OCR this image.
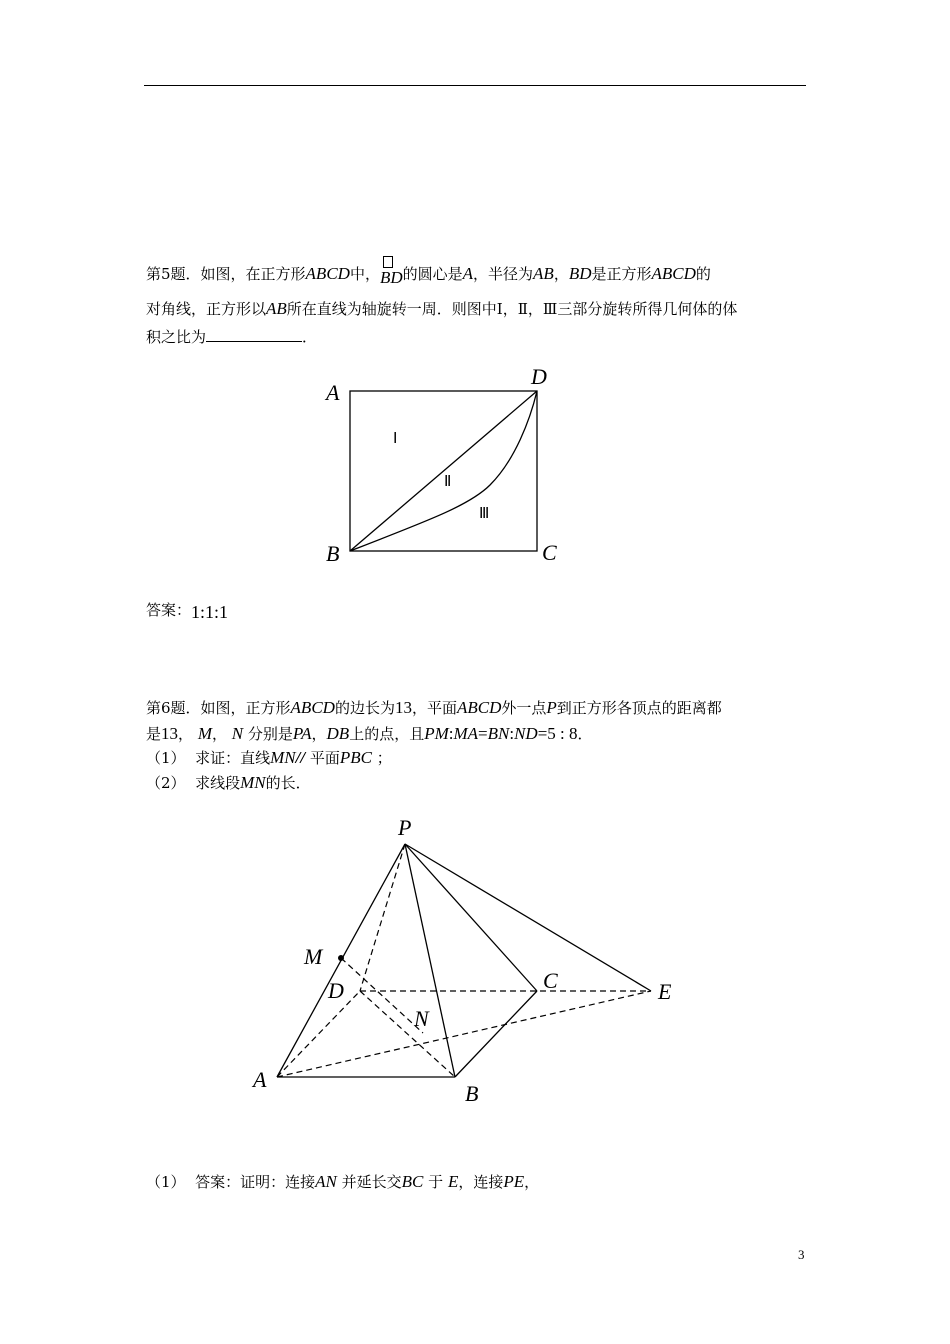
第5题．如图，在正方形ABCD中，
BD的圆心是A，半径为AB，BD是正方形ABCD的
对角线，正方形以AB所在直线为轴旋转一周．则图中Ⅰ，Ⅱ，Ⅲ三部分旋转所得几何体的体
积之比为	．
A
D
B	C
Ⅰ
Ⅱ
Ⅲ
P
M
D	C	E
N
A
B
答案：1:1:1
第6题．如图，正方形ABCD的边长为13，平面ABCD外一点P到正方形各顶点的距离都
是13， M， N 分别是PA，DB上的点，且PM:MA=BN:ND=5 : 8．
（1） 求证：直线MN// 平面PBC ；
（2） 求线段MN的长．
（1） 答案：证明：连接AN 并延长交BC 于 E，连接PE，
3
